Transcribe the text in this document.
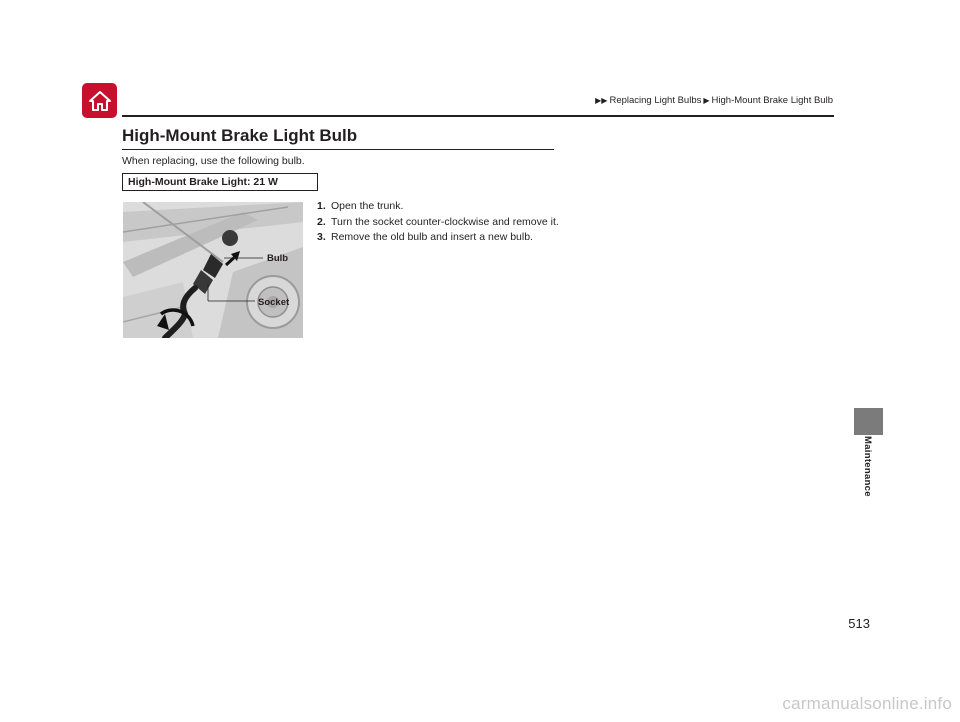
▶▶ Replacing Light Bulbs ▶ High-Mount Brake Light Bulb
High-Mount Brake Light Bulb

When replacing, use the following bulb.

High-Mount Brake Light: 21 W
Bulb
Socket
1. Open the trunk.
2. Turn the socket counter-clockwise and remove it.
3. Remove the old bulb and insert a new bulb.
Maintenance
513
carmanualsonline.info
